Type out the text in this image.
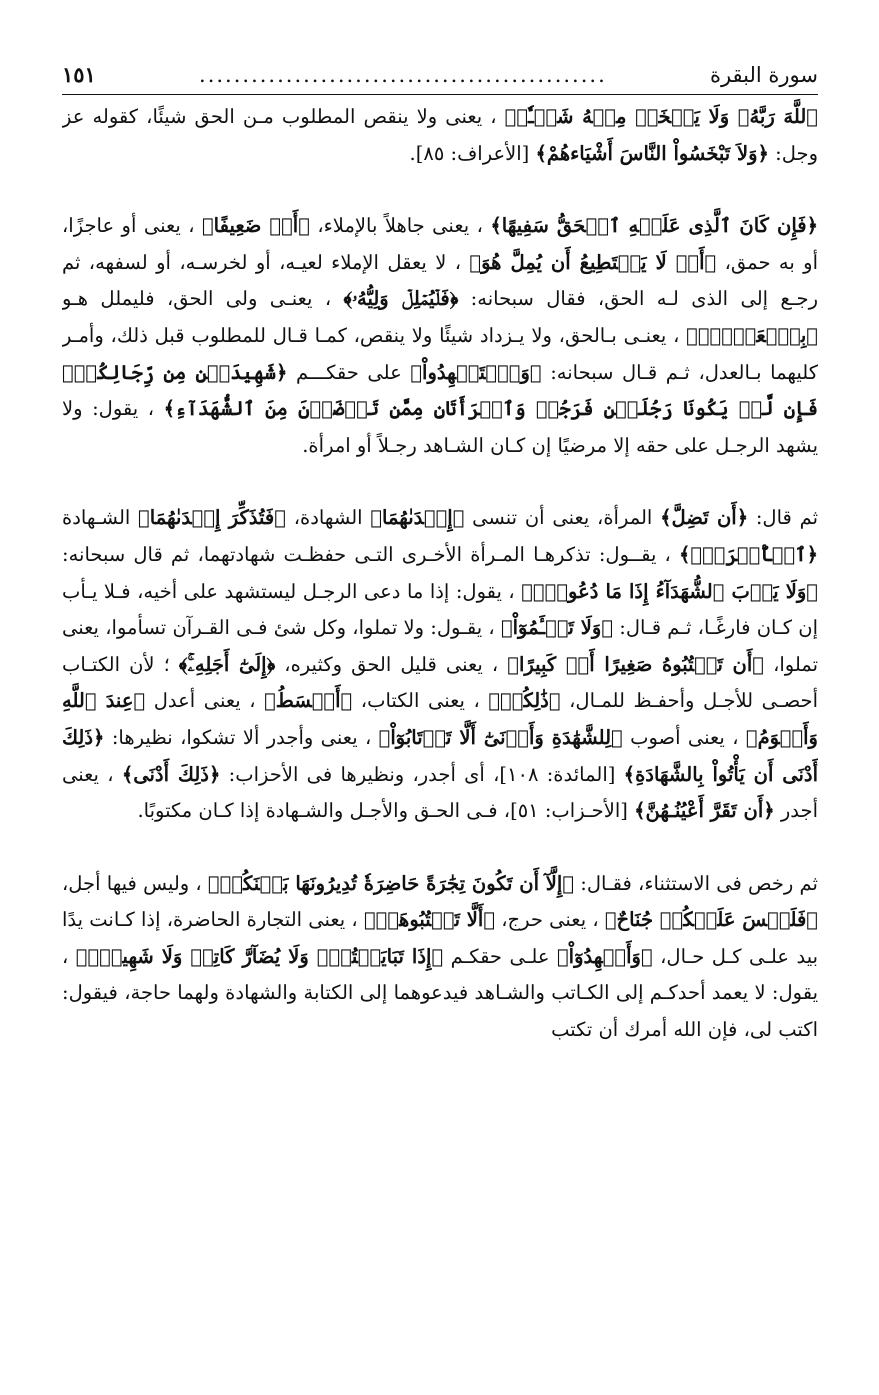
سورة البقرة
...............................................
١٥١

ٱللَّهَ رَبَّهُۥ وَلَا يَبۡخَسۡ مِنۡهُ شَيۡـٔٗاۚ ، يعنى ولا ينقص المطلوب مـن الحق شيئًا، كقوله عز وجل: ﴿وَلاَ تَبْخَسُواْ النَّاسَ أَشْيَاءهُمْ﴾ [الأعراف: ٨٥].

﴿فَإِن كَانَ ٱلَّذِى عَلَيۡهِ ٱلۡحَقُّ سَفِيهًا﴾ ، يعنى جاهلاً بالإملاء، ﴿أَوۡ ضَعِيفًا﴾ ، يعنى أو عاجزًا، أو به حمق، ﴿أَوۡ لَا يَسۡتَطِيعُ أَن يُمِلَّ هُوَ﴾ ، لا يعقل الإملاء لعيـه، أو لخرسـه، أو لسفهه، ثم رجـع إلى الذى لـه الحق، فقال سبحانه: ﴿فَلۡيُمۡلِلۡ وَلِيُّهُۥ﴾ ، يعنـى ولى الحق، فليملل هـو ﴿بِٱلۡعَدۡلِۚ﴾ ، يعنـى بـالحق، ولا يـزداد شيئًا ولا ينقص، كمـا قـال للمطلوب قبل ذلك، وأمـر كليهما بـالعدل، ثـم قـال سبحانه: ﴿وَٱسۡتَشۡهِدُواْ﴾ على حقكـــم ﴿شَهِيدَيۡنِ مِن رِّجَالِكُمۡۖ فَإِن لَّمۡ يَكُونَا رَجُلَيۡنِ فَرَجُلٞ وَٱمۡرَأَتَانِ مِمَّن تَرۡضَوۡنَ مِنَ ٱلشُّهَدَآءِ﴾ ، يقول: ولا يشهد الرجـل على حقه إلا مرضيًا إن كـان الشـاهد رجـلاً أو امرأة.

ثم قال: ﴿أَن تَضِلَّ﴾ المرأة، يعنى أن تنسى ﴿إِحۡدَىٰهُمَا﴾ الشهادة، ﴿فَتُذَكِّرَ إِحۡدَىٰهُمَا﴾ الشـهادة ﴿ٱلۡأُخۡرَىٰۚ﴾ ، يقــول: تذكرهـا المـرأة الأخـرى التـى حفظـت شهادتهما، ثم قال سبحانه: ﴿وَلَا يَأۡبَ ٱلشُّهَدَآءُ إِذَا مَا دُعُواْۚ﴾ ، يقول: إذا ما دعى الرجـل ليستشهد على أخيه، فـلا يـأب إن كـان فارغًـا، ثـم قـال: ﴿وَلَا تَسۡـَٔمُوٓاْ﴾ ، يقـول: ولا تملوا، وكل شئ فـى القـرآن تسأموا، يعنى تملوا، ﴿أَن تَكۡتُبُوهُ صَغِيرًا أَوۡ كَبِيرًا﴾ ، يعنى قليل الحق وكثيره، ﴿إِلَىٰٓ أَجَلِهِۦۚ﴾ ؛ لأن الكتـاب أحصـى للأجـل وأحفـظ للمـال، ﴿ذَٰلِكُمۡ﴾ ، يعنى الكتاب، ﴿أَقۡسَطُ﴾ ، يعنى أعدل ﴿عِندَ ٱللَّهِ وَأَقۡوَمُ﴾ ، يعنى أصوب ﴿لِلشَّهَٰدَةِ وَأَدۡنَىٰٓ أَلَّا تَرۡتَابُوٓاْ﴾ ، يعنى وأجدر ألا تشكوا، نظيرها: ﴿ذَلِكَ أَدْنَى أَن يَأْتُواْ بِالشَّهَادَةِ﴾ [المائدة: ١٠٨]، أى أجدر، ونظيرها فى الأحزاب: ﴿ذَلِكَ أَدْنَى﴾ ، يعنى أجدر ﴿أَن تَقَرَّ أَعْيُنُـهُنَّ﴾ [الأحـزاب: ٥١]، فـى الحـق والأجـل والشـهادة إذا كـان مكتوبًا.

ثم رخص فى الاستثناء، فقـال: ﴿إِلَّآ أَن تَكُونَ تِجَٰرَةً حَاضِرَةٗ تُدِيرُونَهَا بَيۡنَكُمۡ﴾ ، وليس فيها أجل، ﴿فَلَيۡسَ عَلَيۡكُمۡ جُنَاحٌ﴾ ، يعنى حرج، ﴿أَلَّا تَكۡتُبُوهَاۗ﴾ ، يعنى التجارة الحاضرة، إذا كـانت يدًا بيد علـى كـل حـال، ﴿وَأَشۡهِدُوٓاْ﴾ علـى حقكـم ﴿إِذَا تَبَايَعۡتُمۡۚ وَلَا يُضَآرَّ كَاتِبٞ وَلَا شَهِيدٞۚ﴾ ، يقول: لا يعمد أحدكـم إلى الكـاتب والشـاهد فيدعوهما إلى الكتابة والشهادة ولهما حاجة، فيقول: اكتب لى، فإن الله أمرك أن تكتب
